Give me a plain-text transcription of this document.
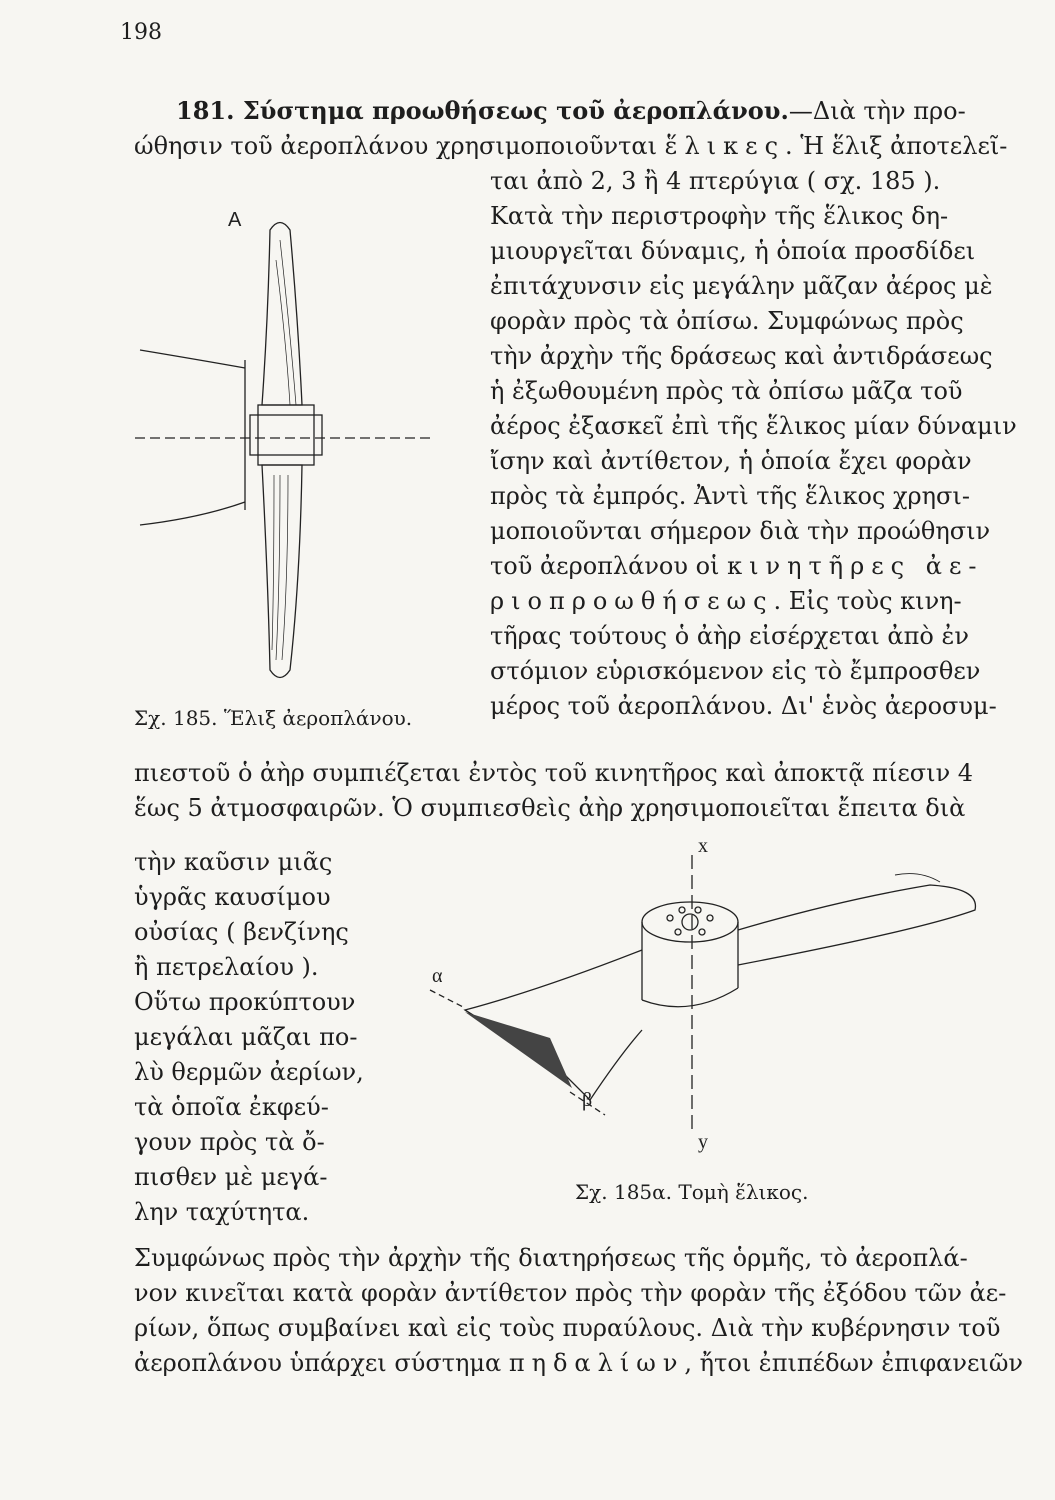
198
181. Σύστημα προωθήσεως τοῦ ἀεροπλάνου.—Διὰ τὴν προ-
ώθησιν τοῦ ἀεροπλάνου χρησιμοποιοῦνται ἕλικες. Ἡ ἕλιξ ἀποτελεῖ-
ται ἀπὸ 2, 3 ἢ 4 πτερύγια ( σχ. 185 ).
Κατὰ τὴν περιστροφὴν τῆς ἕλικος δη-
μιουργεῖται δύναμις, ἡ ὁποία προσδίδει
ἐπιτάχυνσιν εἰς μεγάλην μᾶζαν ἀέρος μὲ
φορὰν πρὸς τὰ ὀπίσω. Συμφώνως πρὸς
τὴν ἀρχὴν τῆς δράσεως καὶ ἀντιδράσεως
ἡ ἐξωθουμένη πρὸς τὰ ὀπίσω μᾶζα τοῦ
ἀέρος ἐξασκεῖ ἐπὶ τῆς ἕλικος μίαν δύναμιν
ἴσην καὶ ἀντίθετον, ἡ ὁποία ἔχει φορὰν
πρὸς τὰ ἐμπρός. Ἀντὶ τῆς ἕλικος χρησι-
μοποιοῦνται σήμερον διὰ τὴν προώθησιν
τοῦ ἀεροπλάνου οἱ κινητῆρες ἀε-
ριοπροωθήσεως. Εἰς τοὺς κινη-
τῆρας τούτους ὁ ἀὴρ εἰσέρχεται ἀπὸ ἐν
στόμιον εὑρισκόμενον εἰς τὸ ἔμπροσθεν
μέρος τοῦ ἀεροπλάνου. Δι' ἑνὸς ἀεροσυμ-
πιεστοῦ ὁ ἀὴρ συμπιέζεται ἐντὸς τοῦ κινητῆρος καὶ ἀποκτᾷ πίεσιν 4
ἕως 5 ἀτμοσφαιρῶν. Ὁ συμπιεσθεὶς ἀὴρ χρησιμοποιεῖται ἔπειτα διὰ
τὴν καῦσιν μιᾶς
ὑγρᾶς καυσίμου
οὐσίας ( βενζίνης
ἢ πετρελαίου ).
Οὕτω προκύπτουν
μεγάλαι μᾶζαι πο-
λὺ θερμῶν ἀερίων,
τὰ ὁποῖα ἐκφεύ-
γουν πρὸς τὰ ὄ-
πισθεν μὲ μεγά-
λην ταχύτητα.
Συμφώνως πρὸς τὴν ἀρχὴν τῆς διατηρήσεως τῆς ὁρμῆς, τὸ ἀεροπλά-
νον κινεῖται κατὰ φορὰν ἀντίθετον πρὸς τὴν φορὰν τῆς ἐξόδου τῶν ἀε-
ρίων, ὅπως συμβαίνει καὶ εἰς τοὺς πυραύλους. Διὰ τὴν κυβέρνησιν τοῦ
ἀεροπλάνου ὑπάρχει σύστημα πηδαλίων, ἤτοι ἐπιπέδων ἐπιφανειῶν
A
Σχ. 185. Ἕλιξ ἀεροπλάνου.
x
y
α
β
Σχ. 185α. Τομὴ ἕλικος.
